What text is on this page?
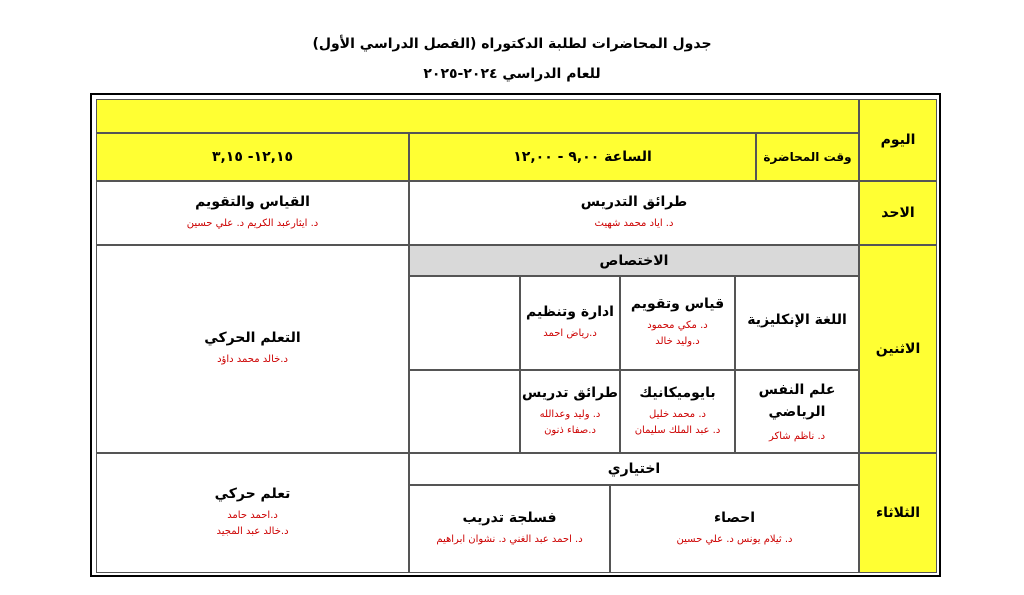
جدول المحاضرات لطلبة الدكتوراه (الفصل الدراسي الأول)
للعام الدراسي ٢٠٢٤-٢٠٢٥
اليوم
وقت المحاضرة
الساعة ٩,٠٠ - ١٢,٠٠
١٢,١٥- ٣,١٥
الاحد
طرائق التدريس
د. اياد محمد شهيث
القياس والتقويم
د. ايثارعبد الكريم د. علي حسين
الاثنين
الاختصاص
اللغة الإنكليزية
قياس وتقويم
د. مكي محمود
د.وليد خالد
ادارة وتنظيم
د.رياض احمد
علم النفس الرياضي
د. ناظم شاكر
بايوميكانيك
د. محمد خليل
د. عبد الملك سليمان
طرائق تدريس
د. وليد وعدالله
د.صفاء ذنون
التعلم الحركي
د.خالد محمد داؤد
الثلاثاء
اختياري
احصاء
د. ثيلام يونس د. علي حسين
فسلجة تدريب
د. احمد عبد الغني د. نشوان ابراهيم
تعلم حركي
د.احمد حامد
د.خالد عبد المجيد
